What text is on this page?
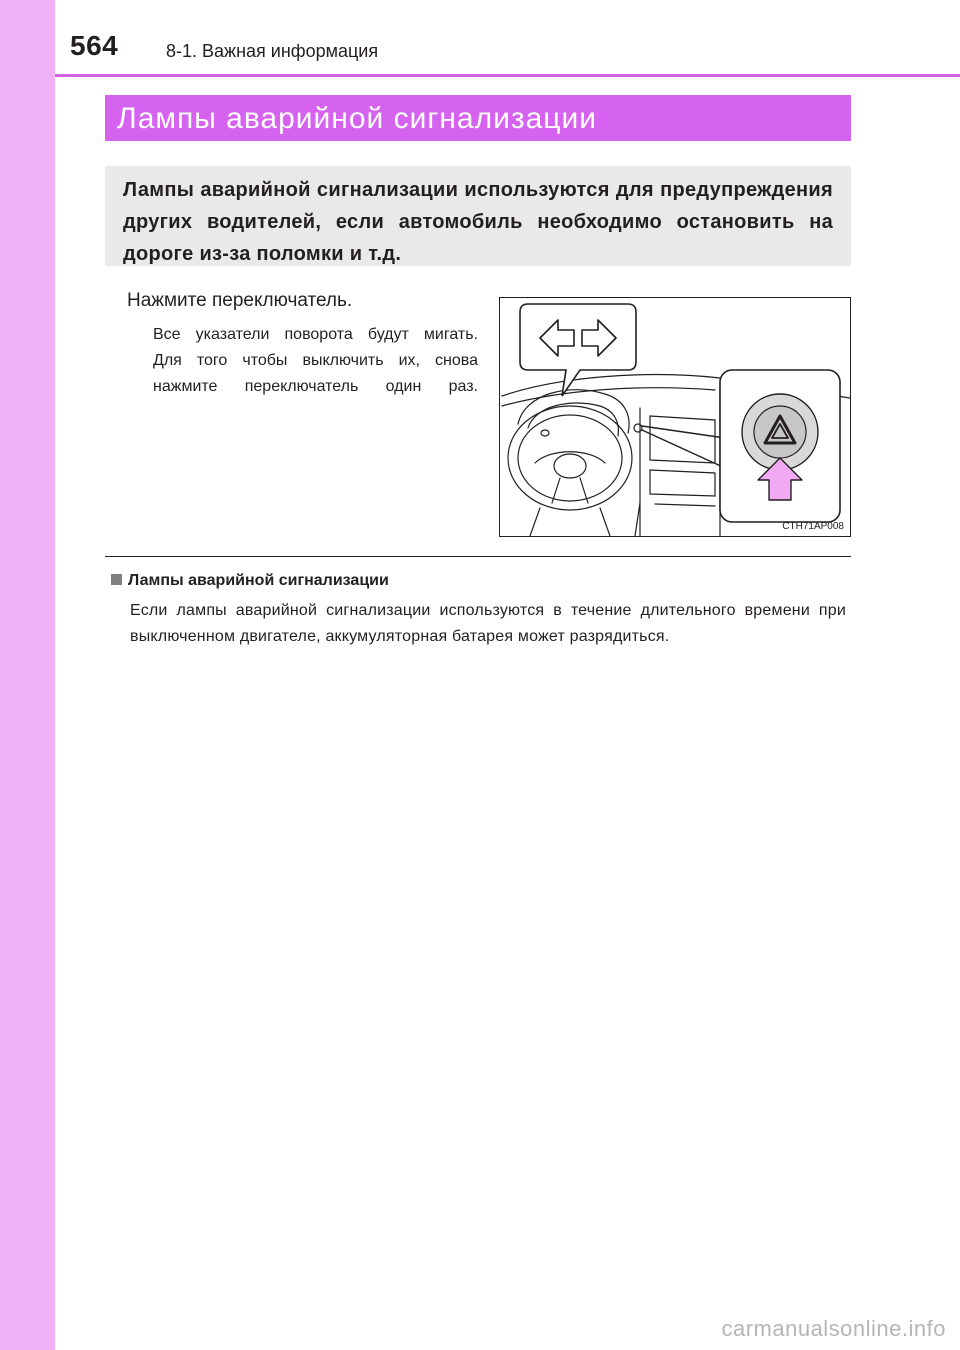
564	8-1. Важная информация
Лампы аварийной сигнализации

Лампы аварийной сигнализации используются для предупреждения других водителей, если автомобиль необходимо остановить на дороге из-за поломки и т.д.

Нажмите переключатель.

Все указатели поворота будут мигать.

Для того чтобы выключить их, снова нажмите переключатель один раз.

CTH71AP008
Лампы аварийной сигнализации

Если лампы аварийной сигнализации используются в течение длительного времени при выключенном двигателе, аккумуляторная батарея может разрядиться.

carmanualsonline.info
